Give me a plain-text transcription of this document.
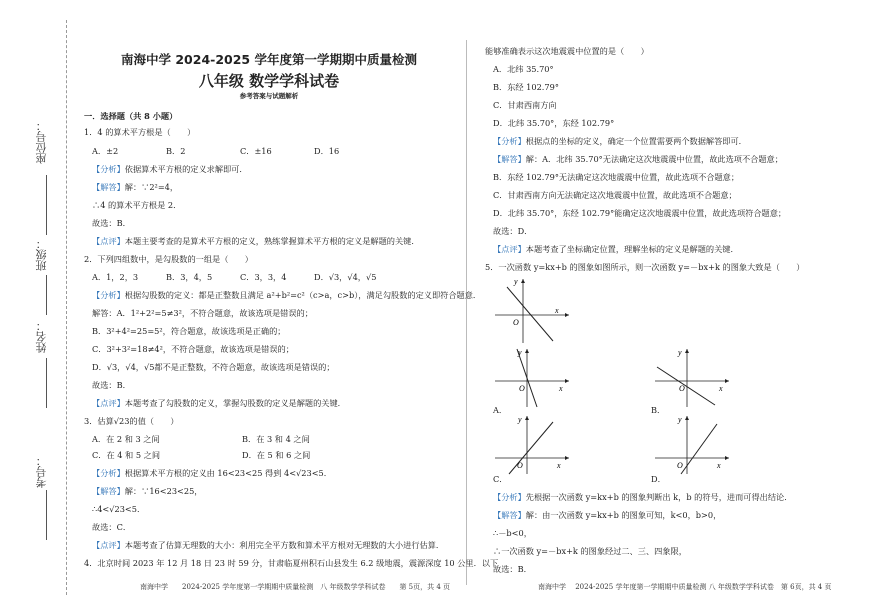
座位号：
班级：
姓名：
考号：
南海中学 2024-2025 学年度第一学期期中质量检测
八年级 数学学科试卷
参考答案与试题解析
一．选择题（共 8 小题）
1．4 的算术平方根是（　　）
A．±2	B．2	C．±16	D．16
【分析】依据算术平方根的定义求解即可．
【解答】解：∵2²=4，
∴4 的算术平方根是 2．
故选：B．
【点评】本题主要考查的是算术平方根的定义，熟练掌握算术平方根的定义是解题的关键．
2．下列四组数中，是勾股数的一组是（　　）
A．1，2，3	B．3，4，5	C．3，3，4	D．√3，√4，√5
【分析】根据勾股数的定义：都是正整数且满足 a²+b²=c²（c>a，c>b），满足勾股数的定义即符合题意．
解答：A．1²+2²=5≠3²，不符合题意，故该选项是错误的；
B．3²+4²=25=5²，符合题意，故该选项是正确的；
C．3²+3²=18≠4²，不符合题意，故该选项是错误的；
D．√3，√4，√5都不是正整数，不符合题意，故该选项是错误的；
故选：B．
【点评】本题考查了勾股数的定义，掌握勾股数的定义是解题的关键．
3．估算√23的值（　　）
A．在 2 和 3 之间	B．在 3 和 4 之间
C．在 4 和 5 之间	D．在 5 和 6 之间
【分析】根据算术平方根的定义由 16<23<25 得到 4<√23<5．
【解答】解：∵16<23<25，
∴4<√23<5．
故选：C．
【点评】本题考查了估算无理数的大小：利用完全平方数和算术平方根对无理数的大小进行估算．
4．北京时间 2023 年 12 月 18 日 23 时 59 分，甘肃临夏州积石山县发生 6.2 级地震，震源深度 10 公里．以下
能够准确表示这次地震震中位置的是（　　）
A．北纬 35.70°
B．东经 102.79°
C．甘肃西南方向
D．北纬 35.70°，东经 102.79°
【分析】根据点的坐标的定义，确定一个位置需要两个数据解答即可．
【解答】解：A．北纬 35.70°无法确定这次地震震中位置，故此选项不合题意；
B．东经 102.79°无法确定这次地震震中位置，故此选项不合题意；
C．甘肃西南方向无法确定这次地震震中位置，故此选项不合题意；
D．北纬 35.70°，东经 102.79°能确定这次地震震中位置，故此选项符合题意；
故选：D．
【点评】本题考查了坐标确定位置，理解坐标的定义是解题的关键．
5．一次函数 y=kx+b 的图象如图所示，则一次函数 y=－bx+k 的图象大致是（　　）
x
y
O
x
y
O
A．
x
y
O
B．
x
y
O
C．
x
y
O
D．
【分析】先根据一次函数 y=kx+b 的图象判断出 k，b 的符号，进而可得出结论．
【解答】解：由一次函数 y=kx+b 的图象可知，k<0，b>0，
∴－b<0，
∴一次函数 y=－bx+k 的图象经过二、三、四象限，
故选：B．
南海中学　　2024-2025 学年度第一学期期中质量检测　八 年级数学学科试卷　　第 5页，共 4 页	南海中学　 2024-2025 学年度第一学期期中质量检测 八 年级数学学科试卷　第 6页，共 4 页
